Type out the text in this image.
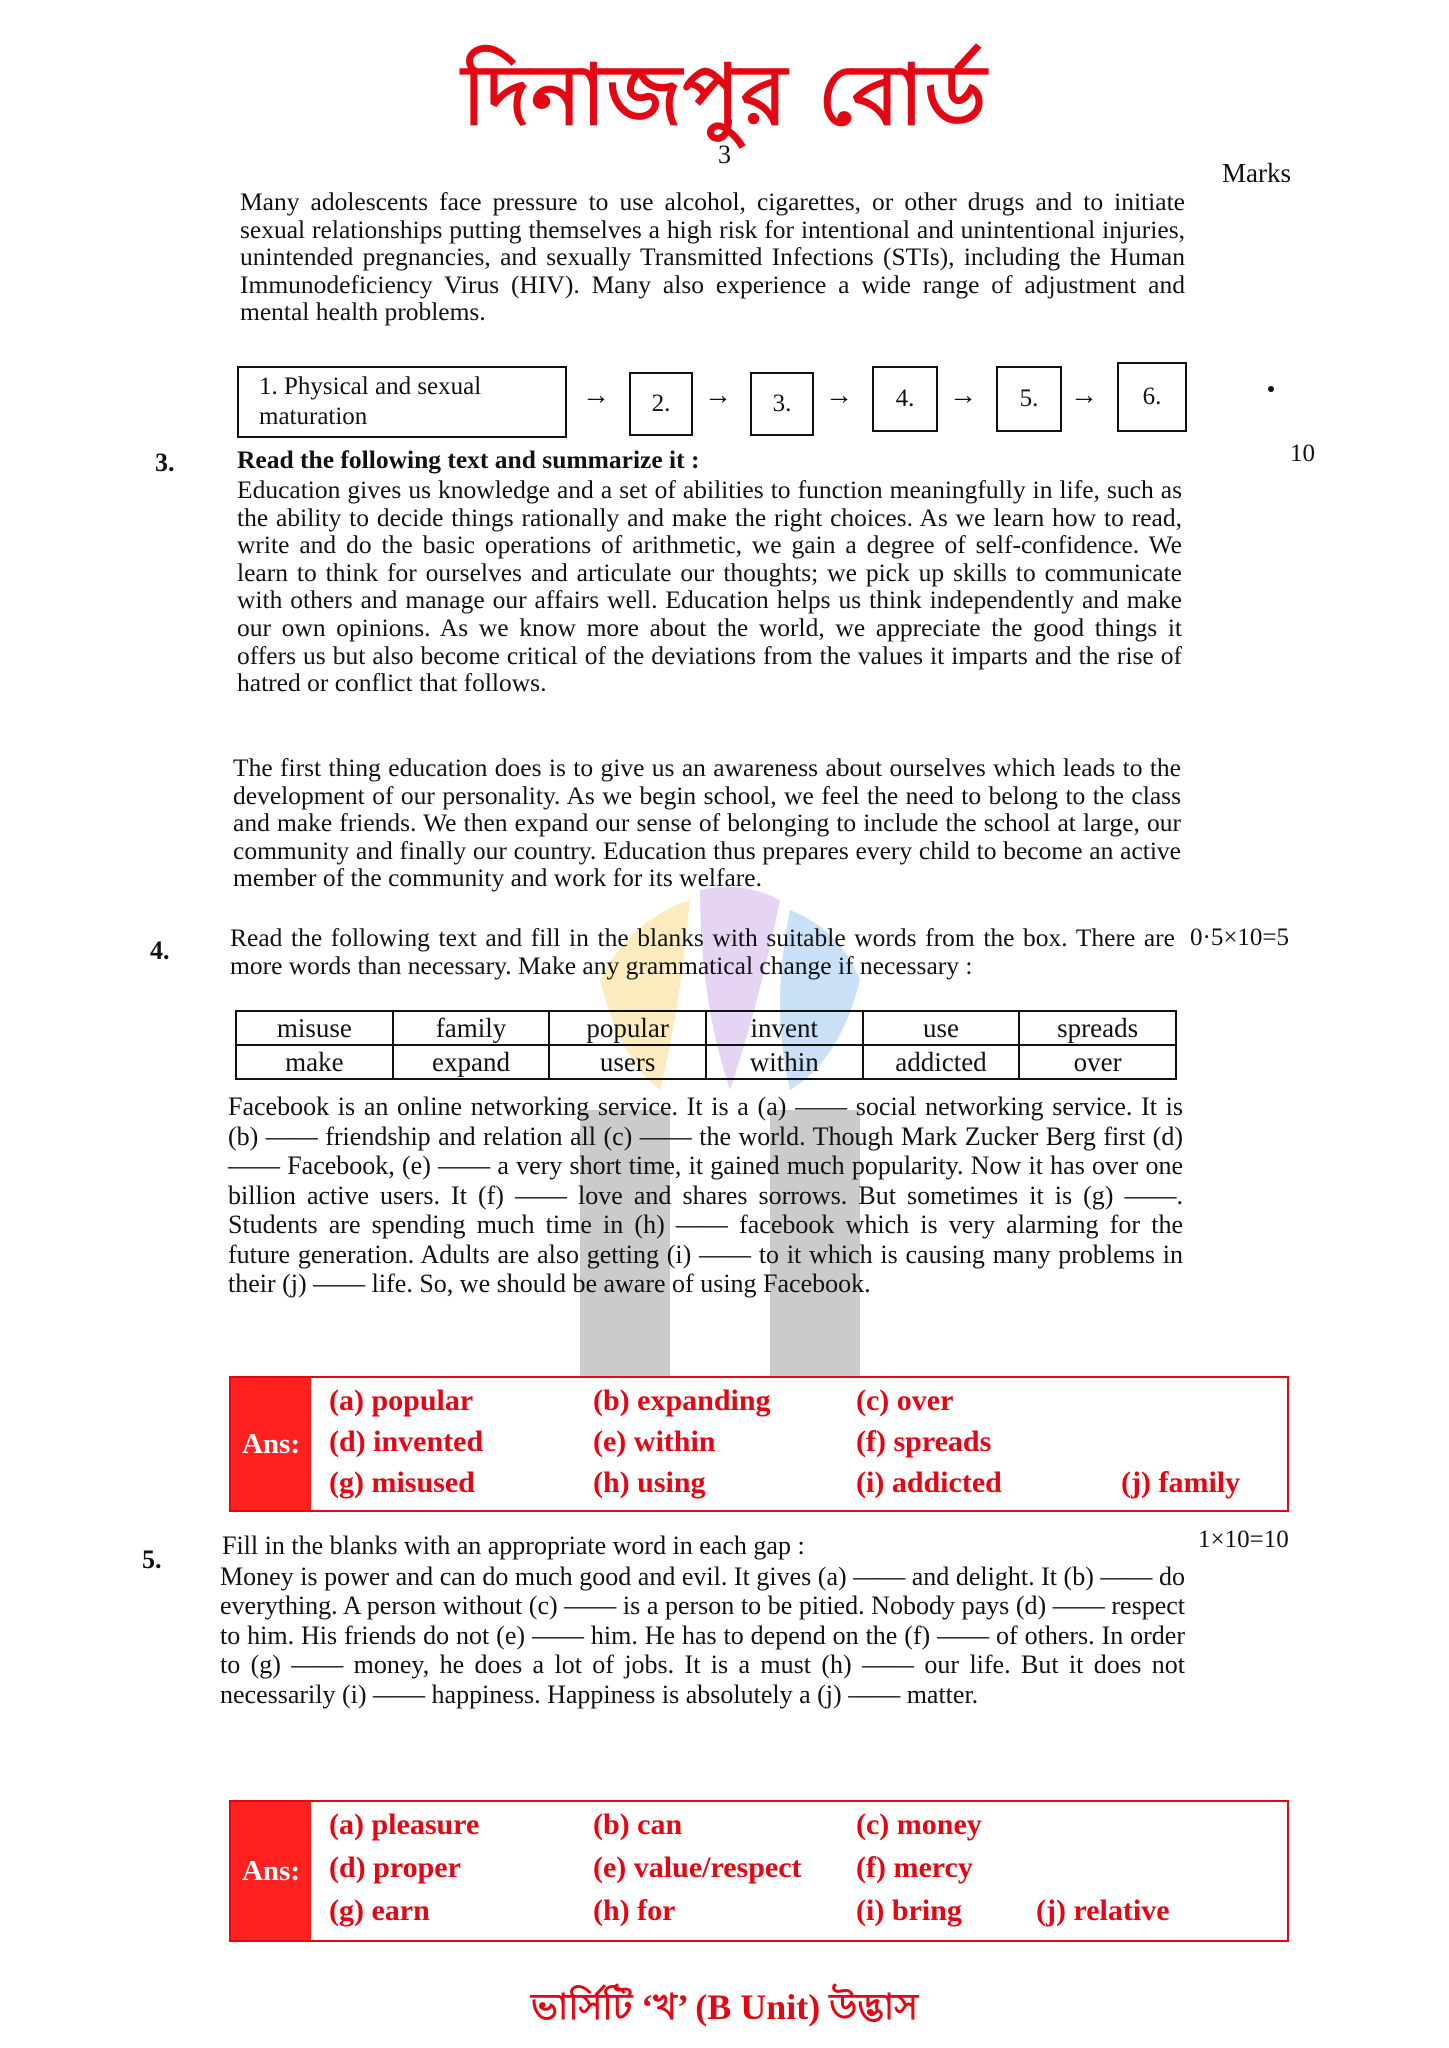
দিনাজপুর বোর্ড
3
Marks
Many adolescents face pressure to use alcohol, cigarettes, or other drugs and to initiate sexual relationships putting themselves a high risk for intentional and unintentional injuries, unintended pregnancies, and sexually Transmitted Infections (STIs), including the Human Immunodeficiency Virus (HIV). Many also experience a wide range of adjustment and mental health problems.
1. Physical and sexual maturation
→	2.	→	3.	→	4.	→	5.	→	6.
3.	10
Read the following text and summarize it :
Education gives us knowledge and a set of abilities to function meaningfully in life, such as the ability to decide things rationally and make the right choices. As we learn how to read, write and do the basic operations of arithmetic, we gain a degree of self-confidence. We learn to think for ourselves and articulate our thoughts; we pick up skills to communicate with others and manage our affairs well. Education helps us think independently and make our own opinions. As we know more about the world, we appreciate the good things it offers us but also become critical of the deviations from the values it imparts and the rise of hatred or conflict that follows.
The first thing education does is to give us an awareness about ourselves which leads to the development of our personality. As we begin school, we feel the need to belong to the class and make friends. We then expand our sense of belonging to include the school at large, our community and finally our country. Education thus prepares every child to become an active member of the community and work for its welfare.
4.	0·5×10=5
Read the following text and fill in the blanks with suitable words from the box. There are more words than necessary. Make any grammatical change if necessary :
misuse	family	popular	invent	use	spreads
make	expand	users	within	addicted	over
Facebook is an online networking service. It is a (a) —— social networking service. It is (b) —— friendship and relation all (c) —— the world. Though Mark Zucker Berg first (d) —— Facebook, (e) —— a very short time, it gained much popularity. Now it has over one billion active users. It (f) —— love and shares sorrows. But sometimes it is (g) ——. Students are spending much time in (h) —— facebook which is very alarming for the future generation. Adults are also getting (i) —— to it which is causing many problems in their (j) —— life. So, we should be aware of using Facebook.
Ans:
(a) popular	(b) expanding	(c) over
(d) invented	(e) within	(f) spreads
(g) misused	(h) using	(i) addicted	(j) family
5.
1×10=10
Fill in the blanks with an appropriate word in each gap :
Money is power and can do much good and evil. It gives (a) —— and delight. It (b) —— do everything. A person without (c) —— is a person to be pitied. Nobody pays (d) —— respect to him. His friends do not (e) —— him. He has to depend on the (f) —— of others. In order to (g) —— money, he does a lot of jobs. It is a must (h) —— our life. But it does not necessarily (i) —— happiness. Happiness is absolutely a (j) —— matter.
Ans:
(a) pleasure	(b) can	(c) money
(d) proper	(e) value/respect (f) mercy
(g) earn	(h) for	(i) bring (j) relative
ভার্সিটি ‘খ’ (B Unit) উদ্ভাস
